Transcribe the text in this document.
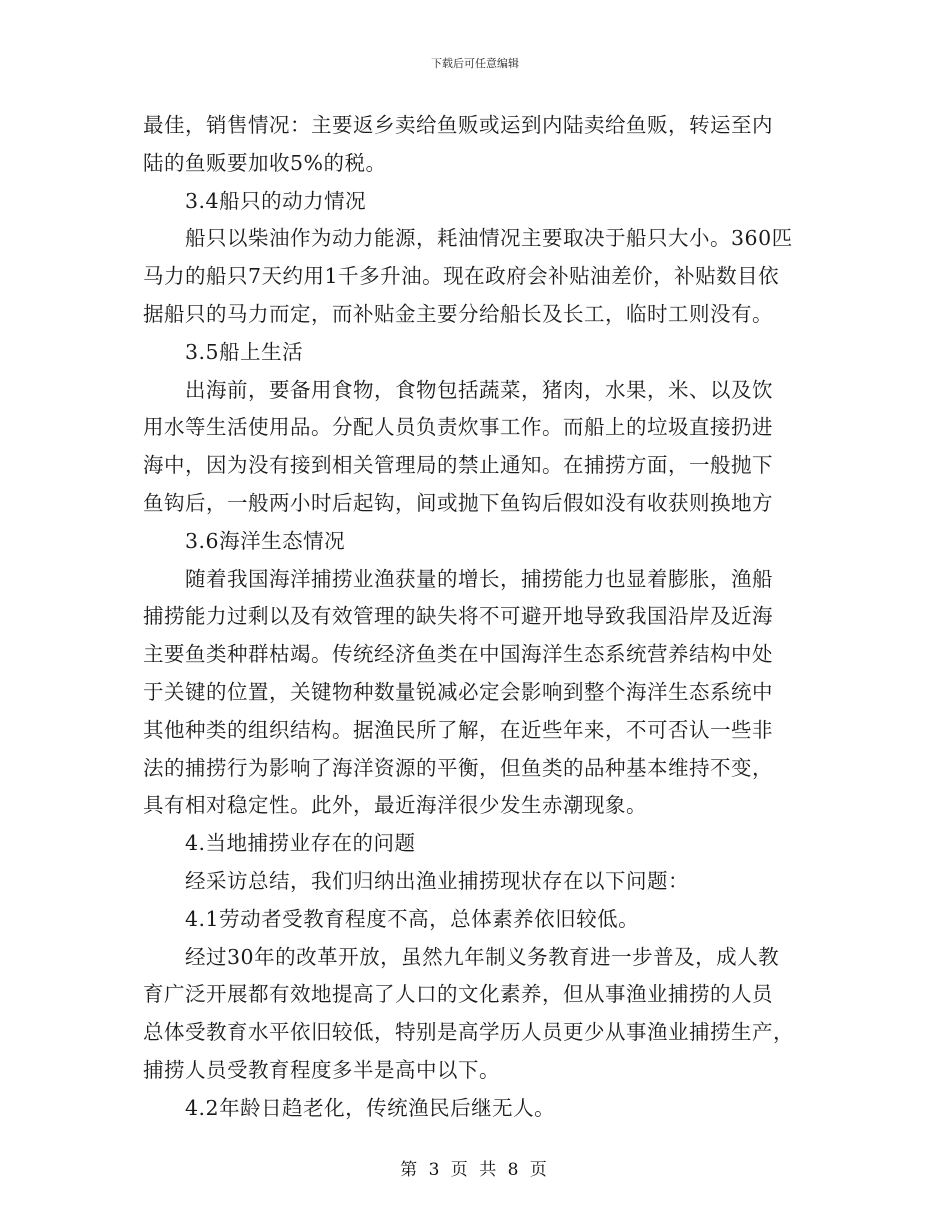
下载后可任意编辑
最佳，销售情况：主要返乡卖给鱼贩或运到内陆卖给鱼贩，转运至内
陆的鱼贩要加收5%的税。
3.4船只的动力情况
船只以柴油作为动力能源，耗油情况主要取决于船只大小。360匹
马力的船只7天约用1千多升油。现在政府会补贴油差价，补贴数目依
据船只的马力而定，而补贴金主要分给船长及长工，临时工则没有。
3.5船上生活
出海前，要备用食物，食物包括蔬菜，猪肉，水果，米、以及饮
用水等生活使用品。分配人员负责炊事工作。而船上的垃圾直接扔进
海中，因为没有接到相关管理局的禁止通知。在捕捞方面，一般抛下
鱼钩后，一般两小时后起钩，间或抛下鱼钩后假如没有收获则换地方
3.6海洋生态情况
随着我国海洋捕捞业渔获量的增长，捕捞能力也显着膨胀，渔船
捕捞能力过剩以及有效管理的缺失将不可避开地导致我国沿岸及近海
主要鱼类种群枯竭。传统经济鱼类在中国海洋生态系统营养结构中处
于关键的位置，关键物种数量锐减必定会影响到整个海洋生态系统中
其他种类的组织结构。据渔民所了解，在近些年来，不可否认一些非
法的捕捞行为影响了海洋资源的平衡，但鱼类的品种基本维持不变，
具有相对稳定性。此外，最近海洋很少发生赤潮现象。
4.当地捕捞业存在的问题
经采访总结，我们归纳出渔业捕捞现状存在以下问题：
4.1劳动者受教育程度不高，总体素养依旧较低。
经过30年的改革开放，虽然九年制义务教育进一步普及，成人教
育广泛开展都有效地提高了人口的文化素养，但从事渔业捕捞的人员
总体受教育水平依旧较低，特别是高学历人员更少从事渔业捕捞生产，
捕捞人员受教育程度多半是高中以下。
4.2年龄日趋老化，传统渔民后继无人。
第 3 页 共 8 页
